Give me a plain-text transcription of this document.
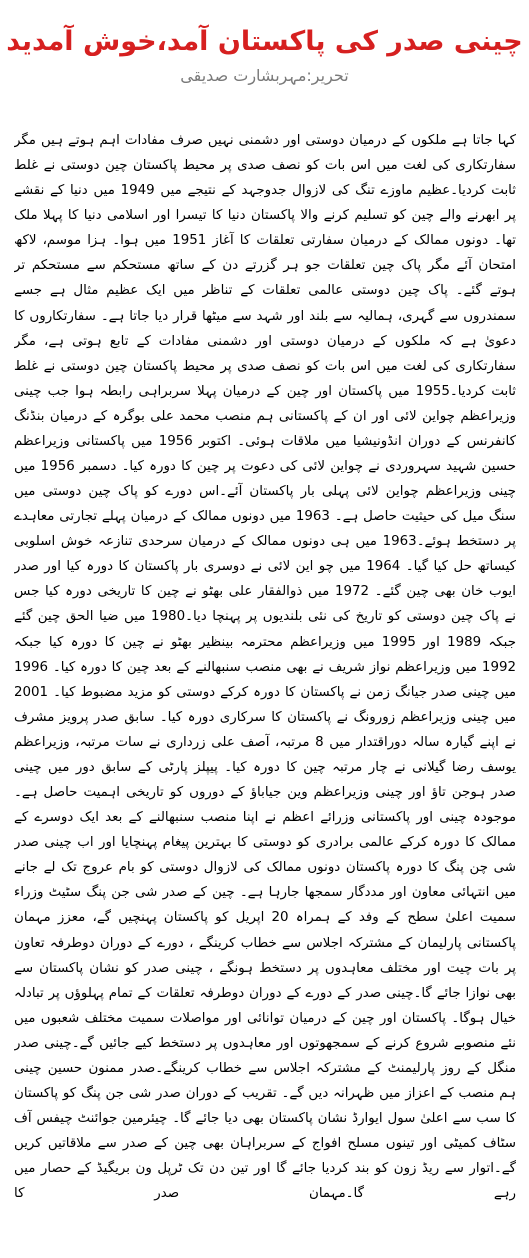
چینی صدر کی پاکستان آمد،خوش آمدید
تحریر:مہربشارت صدیقی

کہا جاتا ہے ملکوں کے درمیان دوستی اور دشمنی نہیں صرف مفادات اہم ہوتے ہیں مگر سفارتکاری کی لغت میں اس بات کو نصف صدی پر محیط پاکستان چین دوستی نے غلط ثابت کردیا۔عظیم ماوزے تنگ کی لازوال جدوجہد کے نتیجے میں 1949 میں دنیا کے نقشے پر ابھرنے والے چین کو تسلیم کرنے والا پاکستان دنیا کا تیسرا اور اسلامی دنیا کا پہلا ملک تھا۔ دونوں ممالک کے درمیان سفارتی تعلقات کا آغاز 1951 میں ہوا۔ ہزا موسم، لاکھ امتحان آئے مگر پاک چین تعلقات جو ہر گزرتے دن کے ساتھ مستحکم سے مستحکم تر ہوتے گئے۔ پاک چین دوستی عالمی تعلقات کے تناظر میں ایک عظیم مثال ہے جسے سمندروں سے گہری، ہمالیہ سے بلند اور شہد سے میٹھا قرار دیا جاتا ہے۔ سفارتکاروں کا دعویٰ ہے کہ ملکوں کے درمیان دوستی اور دشمنی مفادات کے تابع ہوتی ہے، مگر سفارتکاری کی لغت میں اس بات کو نصف صدی پر محیط پاکستان چین دوستی نے غلط ثابت کردیا۔1955 میں پاکستان اور چین کے درمیان پہلا سربراہی رابطہ ہوا جب چینی وزیراعظم چواین لائی اور ان کے پاکستانی ہم منصب محمد علی بوگرہ کے درمیان بنڈنگ کانفرنس کے دوران انڈونیشیا میں ملاقات ہوئی۔ اکتوبر 1956 میں پاکستانی وزیراعظم حسین شہید سہروردی نے چواین لائی کی دعوت پر چین کا دورہ کیا۔ دسمبر 1956 میں چینی وزیراعظم چواین لائی پہلی بار پاکستان آئے۔اس دورے کو پاک چین دوستی میں سنگ میل کی حیثیت حاصل ہے۔ 1963 میں دونوں ممالک کے درمیان پہلے تجارتی معاہدے پر دستخط ہوئے۔1963 میں ہی دونوں ممالک کے درمیان سرحدی تنازعہ خوش اسلوبی کیساتھ حل کیا گیا۔ 1964 میں چو این لائی نے دوسری بار پاکستان کا دورہ کیا اور صدر ایوب خان بھی چین گئے۔ 1972 میں ذوالفقار علی بھٹو نے چین کا تاریخی دورہ کیا جس نے پاک چین دوستی کو تاریخ کی نئی بلندیوں پر پہنچا دیا۔1980 میں ضیا الحق چین گئے جبکہ 1989 اور 1995 میں وزیراعظم محترمہ بینظیر بھٹو نے چین کا دورہ کیا جبکہ 1992 میں وزیراعظم نواز شریف نے بھی منصب سنبھالنے کے بعد چین کا دورہ کیا۔ 1996 میں چینی صدر جیانگ زمن نے پاکستان کا دورہ کرکے دوستی کو مزید مضبوط کیا۔ 2001 میں چینی وزیراعظم زورونگ نے پاکستان کا سرکاری دورہ کیا۔ سابق صدر پرویز مشرف نے اپنے گیارہ سالہ دوراقتدار میں 8 مرتبہ، آصف علی زرداری نے سات مرتبہ، وزیراعظم یوسف رضا گیلانی نے چار مرتبہ چین کا دورہ کیا۔ پیپلز پارٹی کے سابق دور میں چینی صدر ہوجن تاؤ اور چینی وزیراعظم وین جیاباؤ کے دوروں کو تاریخی اہمیت حاصل ہے۔ موجودہ چینی اور پاکستانی وزرائے اعظم نے اپنا منصب سنبھالنے کے بعد ایک دوسرے کے ممالک کا دورہ کرکے عالمی برادری کو دوستی کا بہترین پیغام پہنچایا اور اب چینی صدر شی چن پنگ کا دورہ پاکستان دونوں ممالک کی لازوال دوستی کو بام عروج تک لے جانے میں انتہائی معاون اور مددگار سمجھا جارہا ہے۔ چین کے صدر شی جن پنگ سٹیٹ وزراء سمیت اعلیٰ سطح کے وفد کے ہمراہ 20 اپریل کو پاکستان پہنچیں گے، معزز مہمان پاکستانی پارلیمان کے مشترکہ اجلاس سے خطاب کرینگے ، دورے کے دوران دوطرفہ تعاون پر بات چیت اور مختلف معاہدوں پر دستخط ہونگے ، چینی صدر کو نشان پاکستان سے بھی نوازا جائے گا۔چینی صدر کے دورے کے دوران دوطرفہ تعلقات کے تمام پہلوؤں پر تبادلہ خیال ہوگا۔ پاکستان اور چین کے درمیان توانائی اور مواصلات سمیت مختلف شعبوں میں نئے منصوبے شروع کرنے کے سمجھوتوں اور معاہدوں پر دستخط کیے جائیں گے۔چینی صدر منگل کے روز پارلیمنٹ کے مشترکہ اجلاس سے خطاب کرینگے۔صدر ممنون حسین چینی ہم منصب کے اعزاز میں ظہرانہ دیں گے۔ تقریب کے دوران صدر شی جن پنگ کو پاکستان کا سب سے اعلیٰ سول ایوارڈ نشان پاکستان بھی دیا جائے گا۔ چیئرمین جوائنٹ چیفس آف سٹاف کمیٹی اور تینوں مسلح افواج کے سربراہان بھی چین کے صدر سے ملاقاتیں کریں گے۔اتوار سے ریڈ زون کو بند کردیا جائے گا اور تین دن تک ٹرپل ون بریگیڈ کے حصار میں رہے گا۔مہمان صدر کا
